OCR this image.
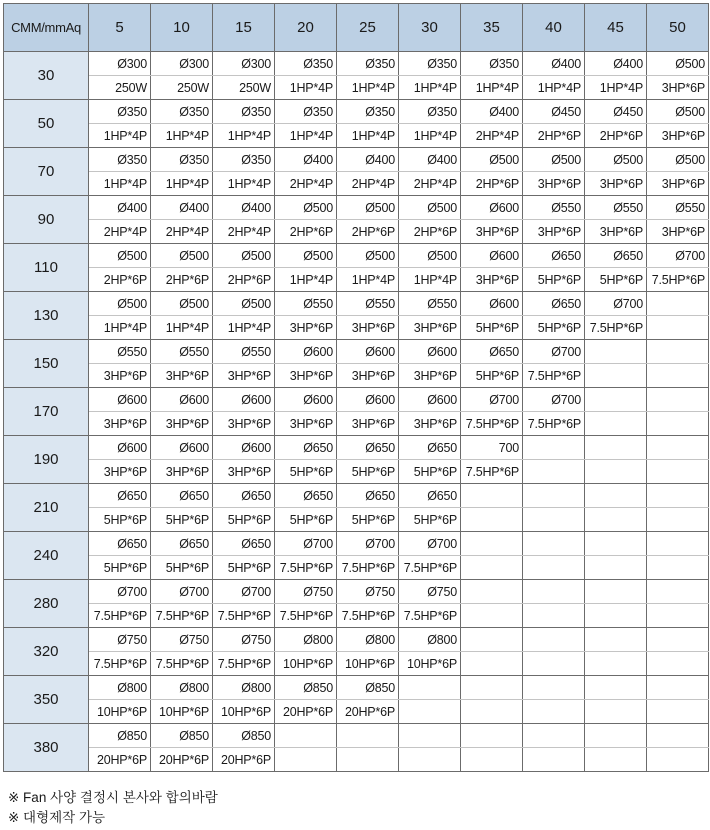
CMM/mmAq	5	10	15	20	25	30	35	40	45	50
30	Ø300	Ø300	Ø300	Ø350	Ø350	Ø350	Ø350	Ø400	Ø400	Ø500
	250W	250W	250W	1HP*4P	1HP*4P	1HP*4P	1HP*4P	1HP*4P	1HP*4P	3HP*6P
50	Ø350	Ø350	Ø350	Ø350	Ø350	Ø350	Ø400	Ø450	Ø450	Ø500
	1HP*4P	1HP*4P	1HP*4P	1HP*4P	1HP*4P	1HP*4P	2HP*4P	2HP*6P	2HP*6P	3HP*6P
70	Ø350	Ø350	Ø350	Ø400	Ø400	Ø400	Ø500	Ø500	Ø500	Ø500
	1HP*4P	1HP*4P	1HP*4P	2HP*4P	2HP*4P	2HP*4P	2HP*6P	3HP*6P	3HP*6P	3HP*6P
90	Ø400	Ø400	Ø400	Ø500	Ø500	Ø500	Ø600	Ø550	Ø550	Ø550
	2HP*4P	2HP*4P	2HP*4P	2HP*6P	2HP*6P	2HP*6P	3HP*6P	3HP*6P	3HP*6P	3HP*6P
110	Ø500	Ø500	Ø500	Ø500	Ø500	Ø500	Ø600	Ø650	Ø650	Ø700
	2HP*6P	2HP*6P	2HP*6P	1HP*4P	1HP*4P	1HP*4P	3HP*6P	5HP*6P	5HP*6P	7.5HP*6P
130	Ø500	Ø500	Ø500	Ø550	Ø550	Ø550	Ø600	Ø650	Ø700	
	1HP*4P	1HP*4P	1HP*4P	3HP*6P	3HP*6P	3HP*6P	5HP*6P	5HP*6P	7.5HP*6P	
150	Ø550	Ø550	Ø550	Ø600	Ø600	Ø600	Ø650	Ø700		
	3HP*6P	3HP*6P	3HP*6P	3HP*6P	3HP*6P	3HP*6P	5HP*6P	7.5HP*6P		
170	Ø600	Ø600	Ø600	Ø600	Ø600	Ø600	Ø700	Ø700		
	3HP*6P	3HP*6P	3HP*6P	3HP*6P	3HP*6P	3HP*6P	7.5HP*6P	7.5HP*6P		
190	Ø600	Ø600	Ø600	Ø650	Ø650	Ø650	700			
	3HP*6P	3HP*6P	3HP*6P	5HP*6P	5HP*6P	5HP*6P	7.5HP*6P			
210	Ø650	Ø650	Ø650	Ø650	Ø650	Ø650				
	5HP*6P	5HP*6P	5HP*6P	5HP*6P	5HP*6P	5HP*6P				
240	Ø650	Ø650	Ø650	Ø700	Ø700	Ø700				
	5HP*6P	5HP*6P	5HP*6P	7.5HP*6P	7.5HP*6P	7.5HP*6P				
280	Ø700	Ø700	Ø700	Ø750	Ø750	Ø750				
	7.5HP*6P	7.5HP*6P	7.5HP*6P	7.5HP*6P	7.5HP*6P	7.5HP*6P				
320	Ø750	Ø750	Ø750	Ø800	Ø800	Ø800				
	7.5HP*6P	7.5HP*6P	7.5HP*6P	10HP*6P	10HP*6P	10HP*6P				
350	Ø800	Ø800	Ø800	Ø850	Ø850					
	10HP*6P	10HP*6P	10HP*6P	20HP*6P	20HP*6P					
380	Ø850	Ø850	Ø850							
	20HP*6P	20HP*6P	20HP*6P							
※ Fan 사양 결정시 본사와 합의바람
※ 대형제작 가능
